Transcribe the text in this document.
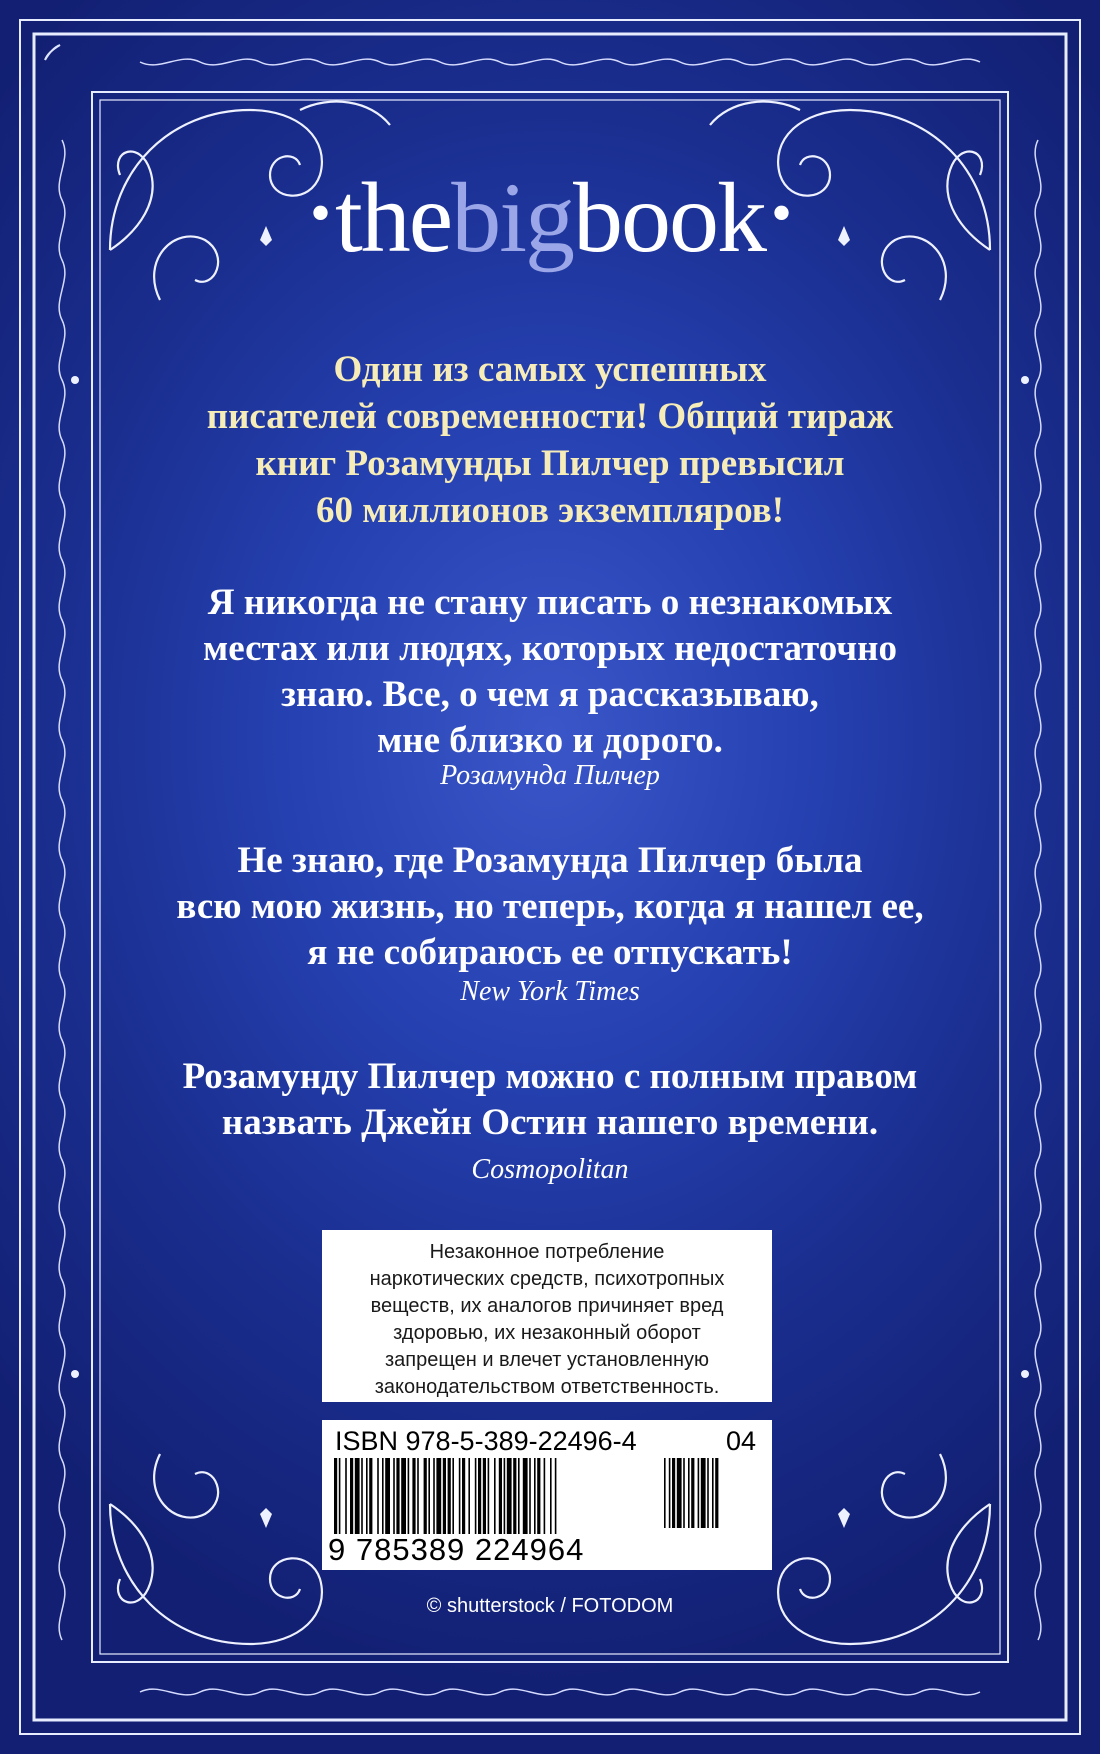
•thebigbook •
Один из самых успешных
писателей современности! Общий тираж
книг Розамунды Пилчер превысил
60 миллионов экземпляров!
Я никогда не стану писать о незнакомых
местах или людях, которых недостаточно
знаю. Все, о чем я рассказываю,
мне близко и дорого.
Розамунда Пилчер
Не знаю, где Розамунда Пилчер была
всю мою жизнь, но теперь, когда я нашел ее,
я не собираюсь ее отпускать!
New York Times
Розамунду Пилчер можно с полным правом
назвать Джейн Остин нашего времени.
Cosmopolitan
Незаконное потребление
наркотических средств, психотропных
веществ, их аналогов причиняет вред
здоровью, их незаконный оборот
запрещен и влечет установленную
законодательством ответственность.
ISBN 978-5-389-22496-4	04
9 785389 224964
© shutterstock / FOTODOM
